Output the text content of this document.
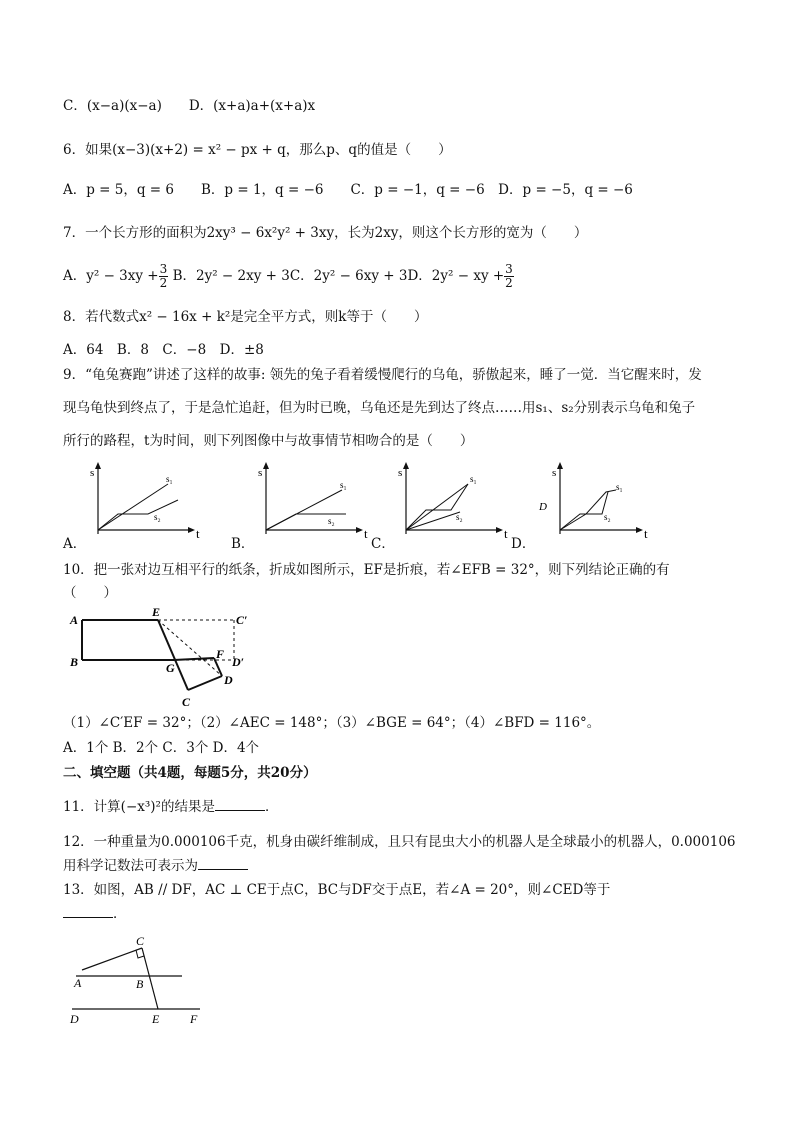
C．(x−a)(x−a)　　D．(x+a)a+(x+a)x
6．如果(x−3)(x+2) = x² − px + q，那么p、q的值是（　　）
A．p = 5，q = 6　　B．p = 1，q = −6　　C．p = −1，q = −6　D．p = −5，q = −6
7．一个长方形的面积为2xy³ − 6x²y² + 3xy，长为2xy，则这个长方形的宽为（　　）
A．$y^2 - 3xy + \frac{3}{2}$ B．2y² − 2xy + 3C．2y² − 6xy + 3D．2y² − xy + $\frac{3}{2}$
8．若代数式x² − 16x + k²是完全平方式，则k等于（　　）
A．64　B．8　C．−8　D．±8
9．“龟兔赛跑”讲述了这样的故事: 领先的兔子看着缓慢爬行的乌龟，骄傲起来，睡了一觉．当它醒来时，发
现乌龟快到终点了，于是急忙追赶，但为时已晚，乌龟还是先到达了终点……用s₁、s₂分别表示乌龟和兔子
所行的路程，t为时间，则下列图像中与故事情节相吻合的是（　　）
A．
s
t
s₁
s₂
B．
s
t
s₁
s₂
C．
s
t
s₁
s₂
D．
D
s
t
s₁
s₂
10．把一张对边互相平行的纸条，折成如图所示，EF是折痕，若∠EFB = 32°，则下列结论正确的有
（　　）
A
B
E
C′
F
D′
G
D
C
（1）∠C′EF = 32°；（2）∠AEC = 148°；（3）∠BGE = 64°；（4）∠BFD = 116°。
A．1个 B．2个 C．3个 D．4个
二、填空题（共4题，每题5分，共20分）
11．计算(−x³)²的结果是	．
12．一种重量为0.000106千克，机身由碳纤维制成，且只有昆虫大小的机器人是全球最小的机器人，0.000106
用科学记数法可表示为
13．如图，AB // DF，AC ⊥ CE于点C，BC与DF交于点E，若∠A = 20°，则∠CED等于
．
C
A	B
D	E	F
